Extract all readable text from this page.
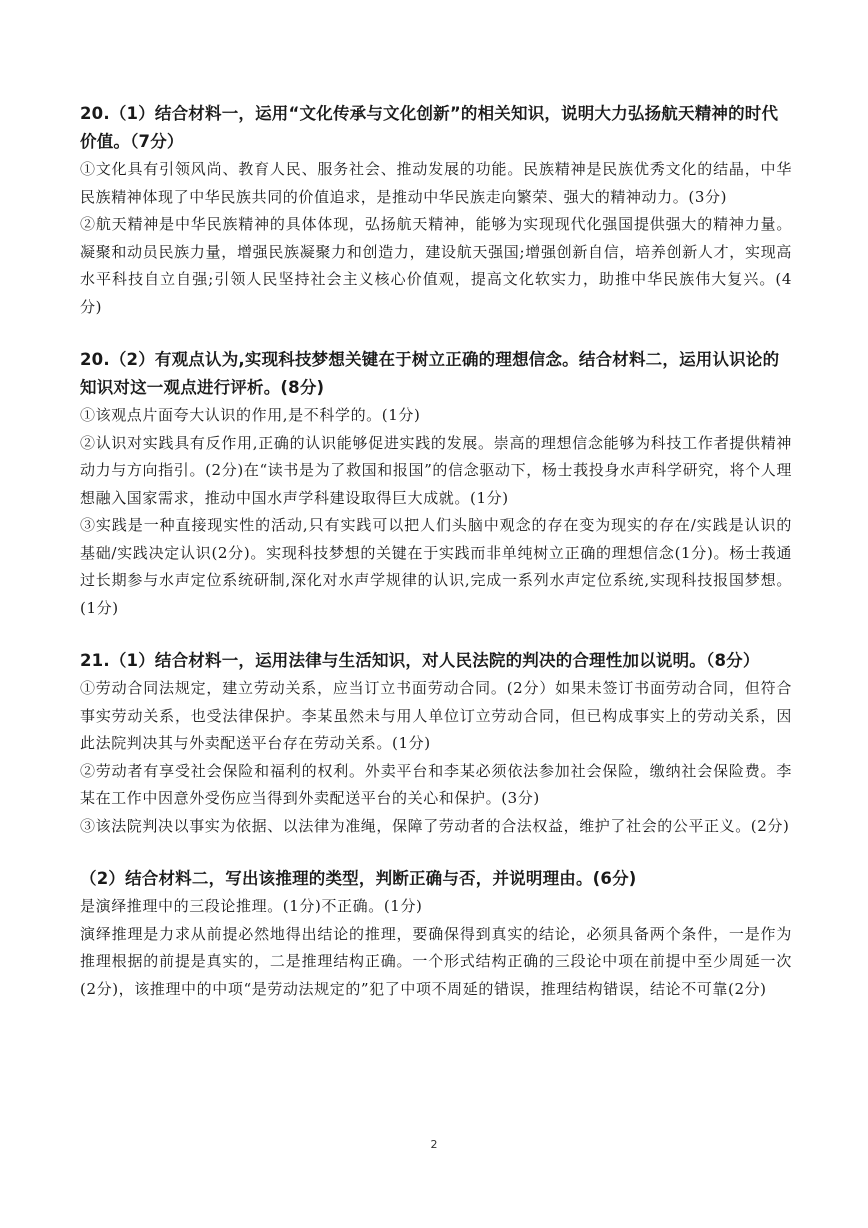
20.（1）结合材料一，运用“文化传承与文化创新”的相关知识，说明大力弘扬航天精神的时代价值。（7分）

①文化具有引领风尚、教育人民、服务社会、推动发展的功能。民族精神是民族优秀文化的结晶，中华民族精神体现了中华民族共同的价值追求，是推动中华民族走向繁荣、强大的精神动力。(3分)

②航天精神是中华民族精神的具体体现，弘扬航天精神，能够为实现现代化强国提供强大的精神力量。凝聚和动员民族力量，增强民族凝聚力和创造力，建设航天强国;增强创新自信，培养创新人才，实现高水平科技自立自强;引领人民坚持社会主义核心价值观，提高文化软实力，助推中华民族伟大复兴。(4分)

20.（2）有观点认为,实现科技梦想关键在于树立正确的理想信念。结合材料二，运用认识论的知识对这一观点进行评析。(8分)

①该观点片面夸大认识的作用,是不科学的。(1分)

②认识对实践具有反作用,正确的认识能够促进实践的发展。崇高的理想信念能够为科技工作者提供精神动力与方向指引。(2分)在“读书是为了救国和报国”的信念驱动下，杨士莪投身水声科学研究，将个人理想融入国家需求，推动中国水声学科建设取得巨大成就。(1分)

③实践是一种直接现实性的活动,只有实践可以把人们头脑中观念的存在变为现实的存在/实践是认识的基础/实践决定认识(2分)。实现科技梦想的关键在于实践而非单纯树立正确的理想信念(1分)。杨士莪通过长期参与水声定位系统研制,深化对水声学规律的认识,完成一系列水声定位系统,实现科技报国梦想。(1分)

21.（1）结合材料一，运用法律与生活知识，对人民法院的判决的合理性加以说明。（8分）

①劳动合同法规定，建立劳动关系，应当订立书面劳动合同。(2分）如果未签订书面劳动合同，但符合事实劳动关系，也受法律保护。李某虽然未与用人单位订立劳动合同，但已构成事实上的劳动关系，因此法院判决其与外卖配送平台存在劳动关系。(1分)

②劳动者有享受社会保险和福利的权利。外卖平台和李某必须依法参加社会保险，缴纳社会保险费。李某在工作中因意外受伤应当得到外卖配送平台的关心和保护。(3分)

③该法院判决以事实为依据、以法律为准绳，保障了劳动者的合法权益，维护了社会的公平正义。(2分)

（2）结合材料二，写出该推理的类型，判断正确与否，并说明理由。(6分)

是演绎推理中的三段论推理。(1分)不正确。(1分)

演绎推理是力求从前提必然地得出结论的推理，要确保得到真实的结论，必须具备两个条件，一是作为推理根据的前提是真实的，二是推理结构正确。一个形式结构正确的三段论中项在前提中至少周延一次(2分)，该推理中的中项“是劳动法规定的”犯了中项不周延的错误，推理结构错误，结论不可靠(2分)

2
